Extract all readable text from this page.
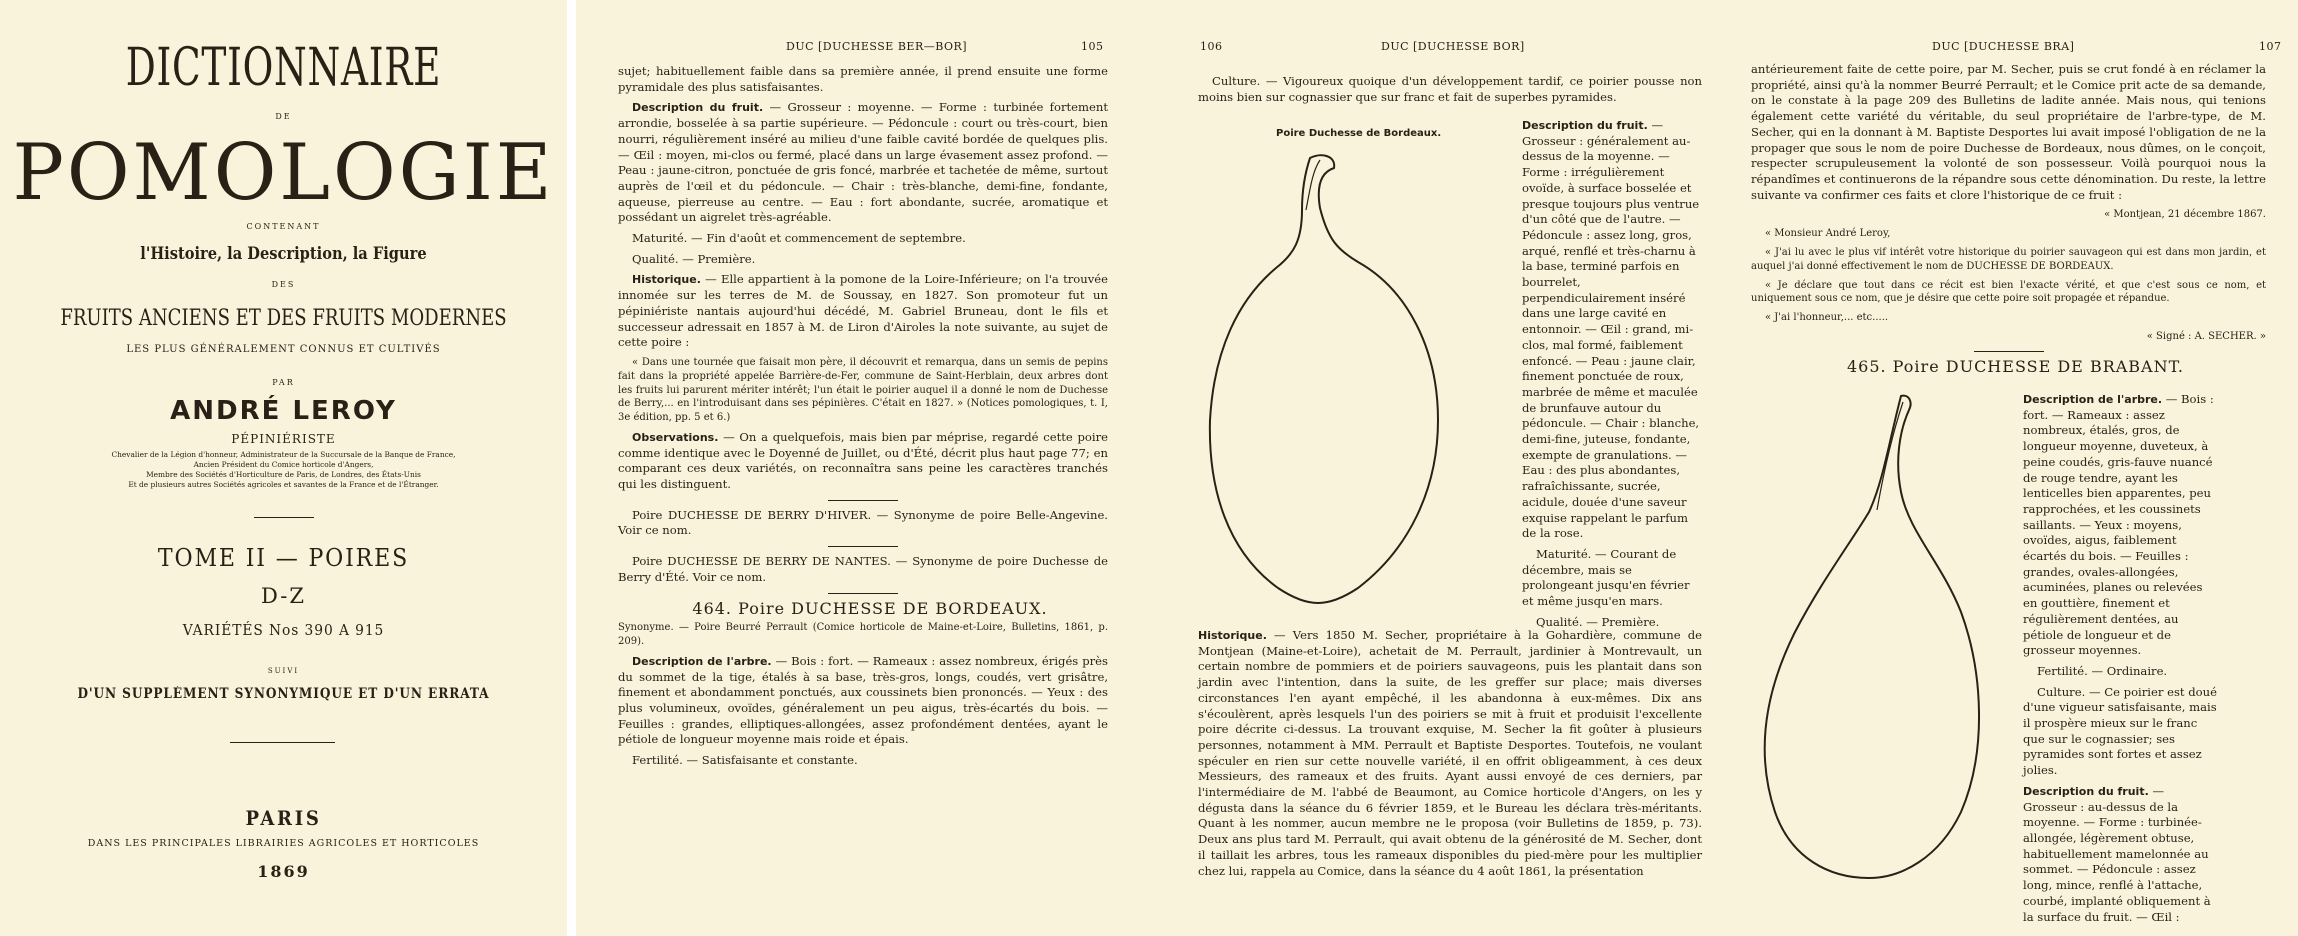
DICTIONNAIRE
DE
POMOLOGIE
CONTENANT
l'Histoire, la Description, la Figure
DES
FRUITS ANCIENS ET DES FRUITS MODERNES
LES PLUS GÉNÉRALEMENT CONNUS ET CULTIVÉS
PAR
ANDRÉ LEROY
PÉPINIÉRISTE
Chevalier de la Légion d'honneur, Administrateur de la Succursale de la Banque de France,
Ancien Président du Comice horticole d'Angers,
Membre des Sociétés d'Horticulture de Paris, de Londres, des États-Unis
Et de plusieurs autres Sociétés agricoles et savantes de la France et de l'Étranger.
TOME II — POIRES
D-Z
VARIÉTÉS Nos 390 A 915
SUIVI
D'UN SUPPLÉMENT SYNONYMIQUE ET D'UN ERRATA
PARIS
DANS LES PRINCIPALES LIBRAIRIES AGRICOLES ET HORTICOLES
1869
DUC [DUCHESSE BER—BOR]	105

sujet; habituellement faible dans sa première année, il prend ensuite une forme pyramidale des plus satisfaisantes.

Description du fruit. — Grosseur : moyenne. — Forme : turbinée fortement arrondie, bosselée à sa partie supérieure. — Pédoncule : court ou très-court, bien nourri, régulièrement inséré au milieu d'une faible cavité bordée de quelques plis. — Œil : moyen, mi-clos ou fermé, placé dans un large évasement assez profond. — Peau : jaune-citron, ponctuée de gris foncé, marbrée et tachetée de même, surtout auprès de l'œil et du pédoncule. — Chair : très-blanche, demi-fine, fondante, aqueuse, pierreuse au centre. — Eau : fort abondante, sucrée, aromatique et possédant un aigrelet très-agréable.

Maturité. — Fin d'août et commencement de septembre.

Qualité. — Première.

Historique. — Elle appartient à la pomone de la Loire-Inférieure; on l'a trouvée innomée sur les terres de M. de Soussay, en 1827. Son promoteur fut un pépiniériste nantais aujourd'hui décédé, M. Gabriel Bruneau, dont le fils et successeur adressait en 1857 à M. de Liron d'Airoles la note suivante, au sujet de cette poire :

« Dans une tournée que faisait mon père, il découvrit et remarqua, dans un semis de pepins fait dans la propriété appelée Barrière-de-Fer, commune de Saint-Herblain, deux arbres dont les fruits lui parurent mériter intérêt; l'un était le poirier auquel il a donné le nom de Duchesse de Berry,... en l'introduisant dans ses pépinières. C'était en 1827. » (Notices pomologiques, t. I, 3e édition, pp. 5 et 6.)

Observations. — On a quelquefois, mais bien par méprise, regardé cette poire comme identique avec le Doyenné de Juillet, ou d'Été, décrit plus haut page 77; en comparant ces deux variétés, on reconnaîtra sans peine les caractères tranchés qui les distinguent.

Poire DUCHESSE DE BERRY D'HIVER. — Synonyme de poire Belle-Angevine. Voir ce nom.

Poire DUCHESSE DE BERRY DE NANTES. — Synonyme de poire Duchesse de Berry d'Été. Voir ce nom.

464. Poire DUCHESSE DE BORDEAUX.

Synonyme. — Poire Beurré Perrault (Comice horticole de Maine-et-Loire, Bulletins, 1861, p. 209).

Description de l'arbre. — Bois : fort. — Rameaux : assez nombreux, érigés près du sommet de la tige, étalés à sa base, très-gros, longs, coudés, vert grisâtre, finement et abondamment ponctués, aux coussinets bien prononcés. — Yeux : des plus volumineux, ovoïdes, généralement un peu aigus, très-écartés du bois. — Feuilles : grandes, elliptiques-allongées, assez profondément dentées, ayant le pétiole de longueur moyenne mais roide et épais.

Fertilité. — Satisfaisante et constante.

106	DUC [DUCHESSE BOR]

Culture. — Vigoureux quoique d'un développement tardif, ce poirier pousse non moins bien sur cognassier que sur franc et fait de superbes pyramides.

Poire Duchesse de Bordeaux.

Description du fruit. — Grosseur : généralement au-dessus de la moyenne. — Forme : irrégulièrement ovoïde, à surface bosselée et presque toujours plus ventrue d'un côté que de l'autre. — Pédoncule : assez long, gros, arqué, renflé et très-charnu à la base, terminé parfois en bourrelet, perpendiculairement inséré dans une large cavité en entonnoir. — Œil : grand, mi-clos, mal formé, faiblement enfoncé. — Peau : jaune clair, finement ponctuée de roux, marbrée de même et maculée de brunfauve autour du pédoncule. — Chair : blanche, demi-fine, juteuse, fondante, exempte de granulations. — Eau : des plus abondantes, rafraîchissante, sucrée, acidule, douée d'une saveur exquise rappelant le parfum de la rose.

Maturité. — Courant de décembre, mais se prolongeant jusqu'en février et même jusqu'en mars.

Qualité. — Première.

Historique. — Vers 1850 M. Secher, propriétaire à la Gohardière, commune de Montjean (Maine-et-Loire), achetait de M. Perrault, jardinier à Montrevault, un certain nombre de pommiers et de poiriers sauvageons, puis les plantait dans son jardin avec l'intention, dans la suite, de les greffer sur place; mais diverses circonstances l'en ayant empêché, il les abandonna à eux-mêmes. Dix ans s'écoulèrent, après lesquels l'un des poiriers se mit à fruit et produisit l'excellente poire décrite ci-dessus. La trouvant exquise, M. Secher la fit goûter à plusieurs personnes, notamment à MM. Perrault et Baptiste Desportes. Toutefois, ne voulant spéculer en rien sur cette nouvelle variété, il en offrit obligeamment, à ces deux Messieurs, des rameaux et des fruits. Ayant aussi envoyé de ces derniers, par l'intermédiaire de M. l'abbé de Beaumont, au Comice horticole d'Angers, on les y dégusta dans la séance du 6 février 1859, et le Bureau les déclara très-méritants. Quant à les nommer, aucun membre ne le proposa (voir Bulletins de 1859, p. 73). Deux ans plus tard M. Perrault, qui avait obtenu de la générosité de M. Secher, dont il taillait les arbres, tous les rameaux disponibles du pied-mère pour les multiplier chez lui, rappela au Comice, dans la séance du 4 août 1861, la présentation

DUC [DUCHESSE BRA]	107

antérieurement faite de cette poire, par M. Secher, puis se crut fondé à en réclamer la propriété, ainsi qu'à la nommer Beurré Perrault; et le Comice prit acte de sa demande, on le constate à la page 209 des Bulletins de ladite année. Mais nous, qui tenions également cette variété du véritable, du seul propriétaire de l'arbre-type, de M. Secher, qui en la donnant à M. Baptiste Desportes lui avait imposé l'obligation de ne la propager que sous le nom de poire Duchesse de Bordeaux, nous dûmes, on le conçoit, respecter scrupuleusement la volonté de son possesseur. Voilà pourquoi nous la répandîmes et continuerons de la répandre sous cette dénomination. Du reste, la lettre suivante va confirmer ces faits et clore l'historique de ce fruit :

« Montjean, 21 décembre 1867.

« Monsieur André Leroy,

« J'ai lu avec le plus vif intérêt votre historique du poirier sauvageon qui est dans mon jardin, et auquel j'ai donné effectivement le nom de DUCHESSE DE BORDEAUX.

« Je déclare que tout dans ce récit est bien l'exacte vérité, et que c'est sous ce nom, et uniquement sous ce nom, que je désire que cette poire soit propagée et répandue.

« J'ai l'honneur,... etc.....

« Signé : A. SECHER. »

465. Poire DUCHESSE DE BRABANT.

Description de l'arbre. — Bois : fort. — Rameaux : assez nombreux, étalés, gros, de longueur moyenne, duveteux, à peine coudés, gris-fauve nuancé de rouge tendre, ayant les lenticelles bien apparentes, peu rapprochées, et les coussinets saillants. — Yeux : moyens, ovoïdes, aigus, faiblement écartés du bois. — Feuilles : grandes, ovales-allongées, acuminées, planes ou relevées en gouttière, finement et régulièrement dentées, au pétiole de longueur et de grosseur moyennes.

Fertilité. — Ordinaire.

Culture. — Ce poirier est doué d'une vigueur satisfaisante, mais il prospère mieux sur le franc que sur le cognassier; ses pyramides sont fortes et assez jolies.

Description du fruit. — Grosseur : au-dessus de la moyenne. — Forme : turbinée-allongée, légèrement obtuse, habituellement mamelonnée au sommet. — Pédoncule : assez long, mince, renflé à l'attache, courbé, implanté obliquement à la surface du fruit. — Œil :
